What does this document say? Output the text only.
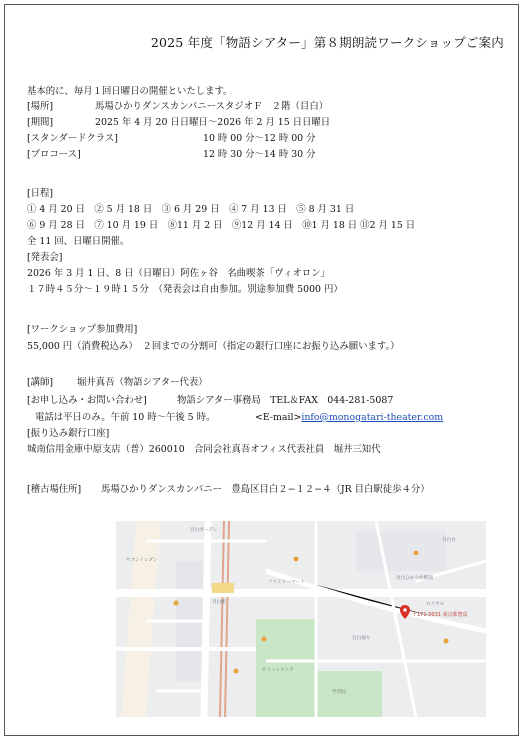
2025 年度「物語シアター」第８期朗読ワークショップご案内
基本的に、毎月１回日曜日の開催といたします。
[場所]	馬場ひかりダンスカンパニースタジオＦ　２階（目白）
[期間]	2025 年 4 月 20 日日曜日～2026 年 2 月 15 日日曜日
[スタンダードクラス]	10 時 00 分～12 時 00 分
[プロコース]	12 時 30 分～14 時 30 分
[日程]
① 4 月 20 日　② 5 月 18 日　③ 6 月 29 日　④ 7 月 13 日　⑤ 8 月 31 日
⑥ 9 月 28 日　⑦ 10 月 19 日　⑧11 月 2 日　⑨12 月 14 日　⑩1 月 18 日 ⑪2 月 15 日
全 11 回、日曜日開催。
[発表会]
2026 年 3 月 1 日、8 日（日曜日）阿佐ヶ谷　名曲喫茶「ヴィオロン」
１７時４５分～１９時１５分　（発表会は自由参加。別途参加費 5000 円）
[ワークショップ参加費用]
55,000 円（消費税込み）　２回までの分割可（指定の銀行口座にお振り込み願います。）
[講師]	堀井真吾（物語シアター代表）
[お申し込み・お問い合わせ]	物語シアター事務局　TEL＆FAX　044-281-5087
電話は平日のみ。午前 10 時～午後 5 時。	<E-mail>info@monogatari-theater.com
[振り込み銀行口座]
城南信用金庫中原支店（普）260010　合同会社真吾オフィス代表社員　堀井三知代
[稽古場住所] 馬場ひかりダンスカンパニー　豊島区目白２−１２−４（JR 目白駅徒歩４分）
目白ガーデン
セブンイレブン
目白駅
ファミリーマート
目白通り
サミットストア
学習院
目白ひかり幼稚園
ロイヤル
目白台
〒171-0031 東京都豊島
